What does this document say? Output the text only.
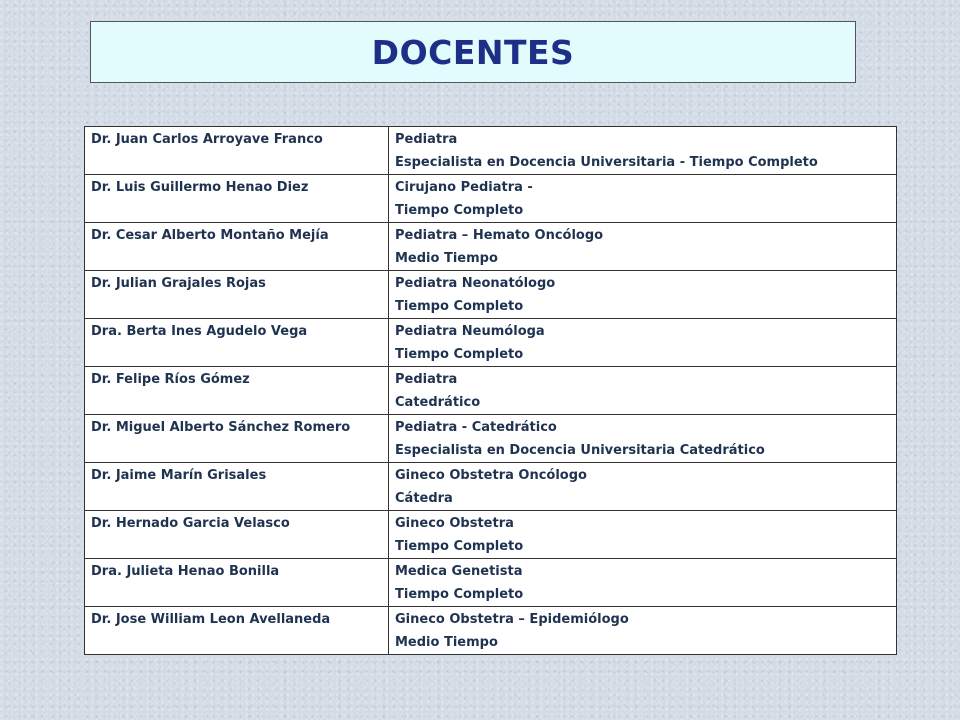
DOCENTES
Dr. Juan Carlos Arroyave Franco	Pediatra
Especialista en Docencia Universitaria - Tiempo Completo

Dr. Luis Guillermo Henao Diez	Cirujano Pediatra -
Tiempo Completo

Dr. Cesar Alberto Montaño Mejía	Pediatra – Hemato Oncólogo
Medio Tiempo

Dr. Julian Grajales Rojas	Pediatra Neonatólogo
Tiempo Completo

Dra. Berta Ines Agudelo Vega	Pediatra Neumóloga
Tiempo Completo

Dr. Felipe Ríos Gómez	Pediatra
Catedrático

Dr. Miguel Alberto Sánchez Romero	Pediatra - Catedrático
Especialista en Docencia Universitaria Catedrático

Dr. Jaime Marín Grisales	Gineco Obstetra Oncólogo
Cátedra

Dr. Hernado Garcia Velasco	Gineco Obstetra
Tiempo Completo

Dra. Julieta Henao Bonilla	Medica Genetista
Tiempo Completo

Dr. Jose William Leon Avellaneda	Gineco Obstetra – Epidemiólogo
Medio Tiempo
